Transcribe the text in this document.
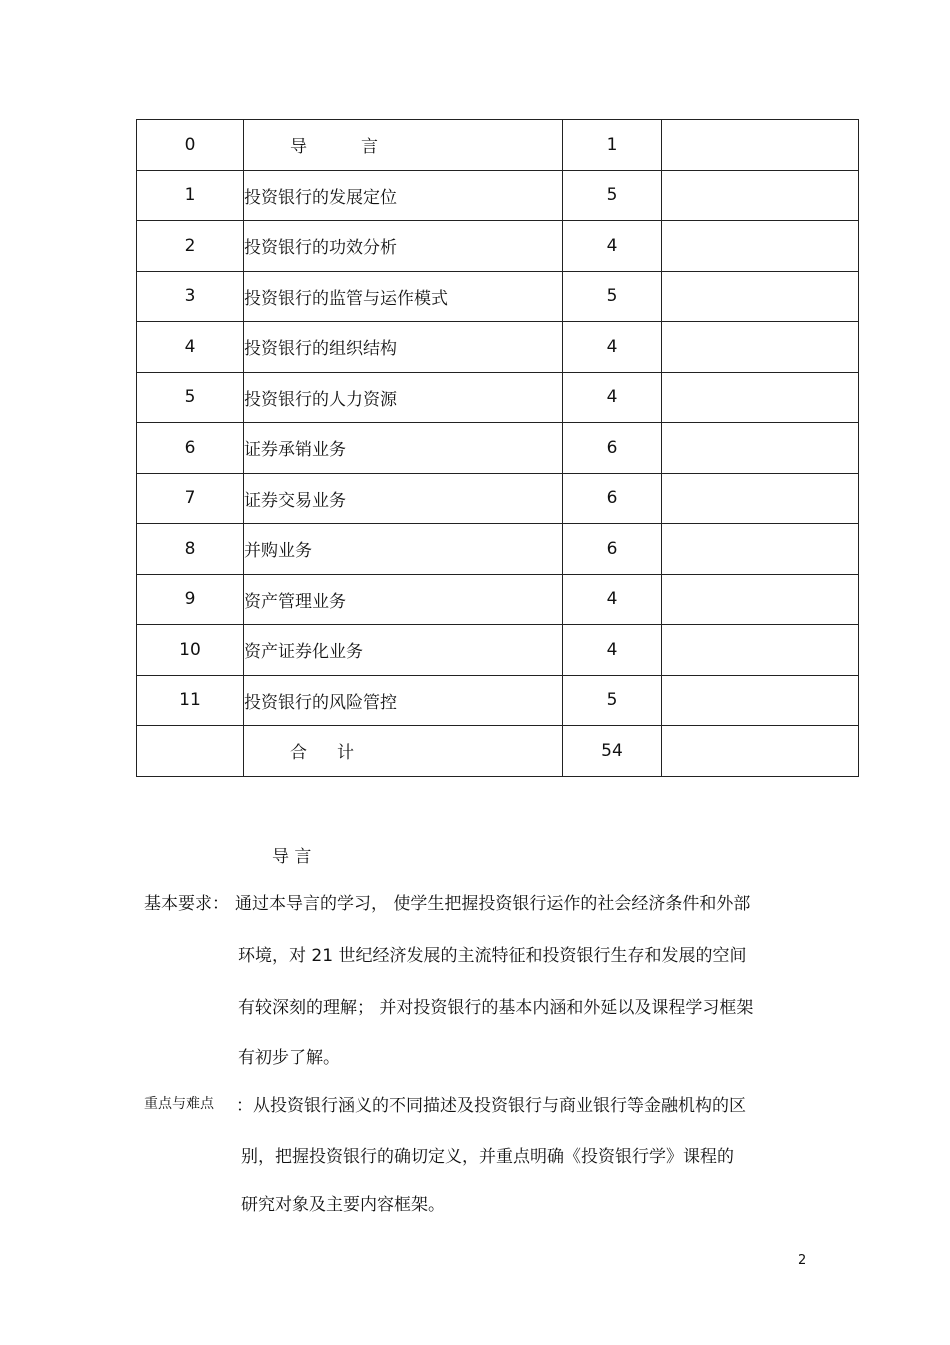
0	导 言	1	
1	投资银行的发展定位	5	
2	投资银行的功效分析	4	
3	投资银行的监管与运作模式	5	
4	投资银行的组织结构	4	
5	投资银行的人力资源	4	
6	证券承销业务	6	
7	证券交易业务	6	
8	并购业务	6	
9	资产管理业务	4	
10	资产证券化业务	4	
11	投资银行的风险管控	5	
	合 计	54	
导 言
基本要求： 通过本导言的学习， 使学生把握投资银行运作的社会经济条件和外部
环境，对 21 世纪经济发展的主流特征和投资银行生存和发展的空间
有较深刻的理解； 并对投资银行的基本内涵和外延以及课程学习框架
有初步了解。
重点与难点 ：从投资银行涵义的不同描述及投资银行与商业银行等金融机构的区
别，把握投资银行的确切定义，并重点明确《投资银行学》课程的
研究对象及主要内容框架。
2
